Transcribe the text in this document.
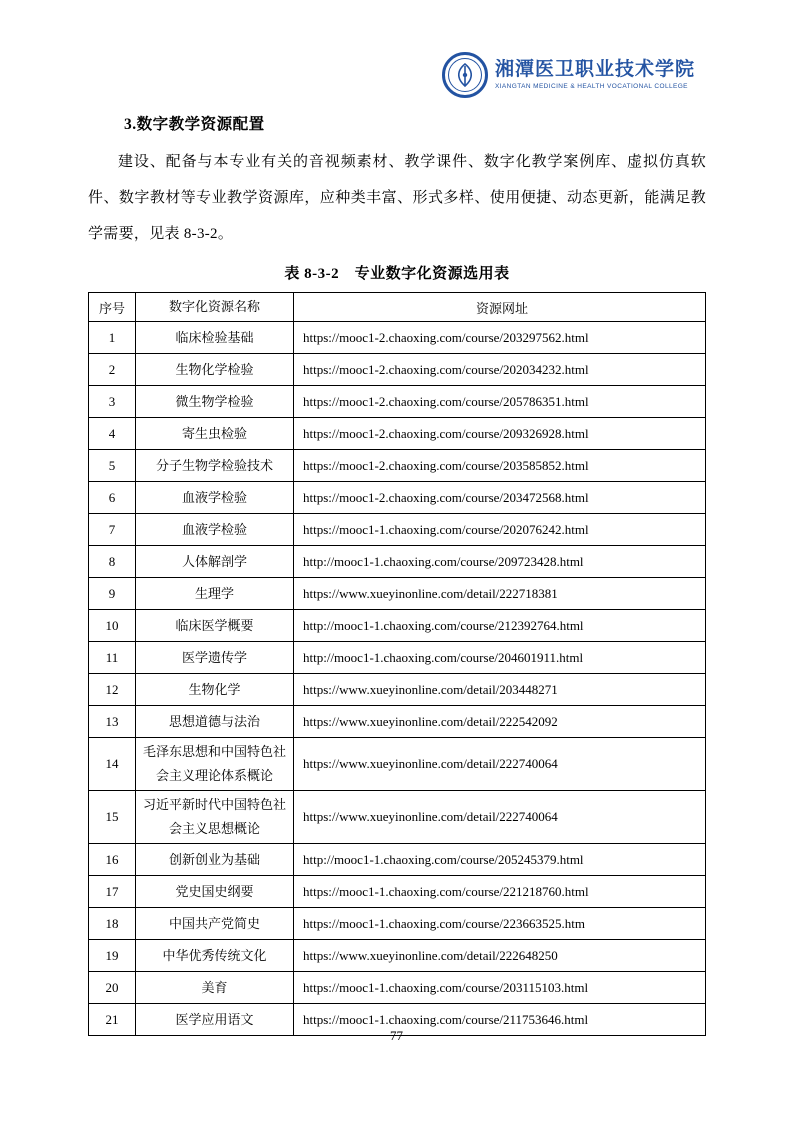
湘潭医卫职业技术学院
XIANGTAN MEDICINE & HEALTH VOCATIONAL COLLEGE
3.数字教学资源配置

建设、配备与本专业有关的音视频素材、教学课件、数字化教学案例库、虚拟仿真软件、数字教材等专业教学资源库，应种类丰富、形式多样、使用便捷、动态更新，能满足教学需要，见表 8-3-2。

表 8-3-2　专业数字化资源选用表
序号	数字化资源名称	资源网址
1	临床检验基础	https://mooc1-2.chaoxing.com/course/203297562.html
2	生物化学检验	https://mooc1-2.chaoxing.com/course/202034232.html
3	微生物学检验	https://mooc1-2.chaoxing.com/course/205786351.html
4	寄生虫检验	https://mooc1-2.chaoxing.com/course/209326928.html
5	分子生物学检验技术	https://mooc1-2.chaoxing.com/course/203585852.html
6	血液学检验	https://mooc1-2.chaoxing.com/course/203472568.html
7	血液学检验	https://mooc1-1.chaoxing.com/course/202076242.html
8	人体解剖学	http://mooc1-1.chaoxing.com/course/209723428.html
9	生理学	https://www.xueyinonline.com/detail/222718381
10	临床医学概要	http://mooc1-1.chaoxing.com/course/212392764.html
11	医学遗传学	http://mooc1-1.chaoxing.com/course/204601911.html
12	生物化学	https://www.xueyinonline.com/detail/203448271
13	思想道德与法治	https://www.xueyinonline.com/detail/222542092
14	毛泽东思想和中国特色社会主义理论体系概论	https://www.xueyinonline.com/detail/222740064
15	习近平新时代中国特色社会主义思想概论	https://www.xueyinonline.com/detail/222740064
16	创新创业为基础	http://mooc1-1.chaoxing.com/course/205245379.html
17	党史国史纲要	https://mooc1-1.chaoxing.com/course/221218760.html
18	中国共产党简史	https://mooc1-1.chaoxing.com/course/223663525.htm
19	中华优秀传统文化	https://www.xueyinonline.com/detail/222648250
20	美育	https://mooc1-1.chaoxing.com/course/203115103.html
21	医学应用语文	https://mooc1-1.chaoxing.com/course/211753646.html
77
